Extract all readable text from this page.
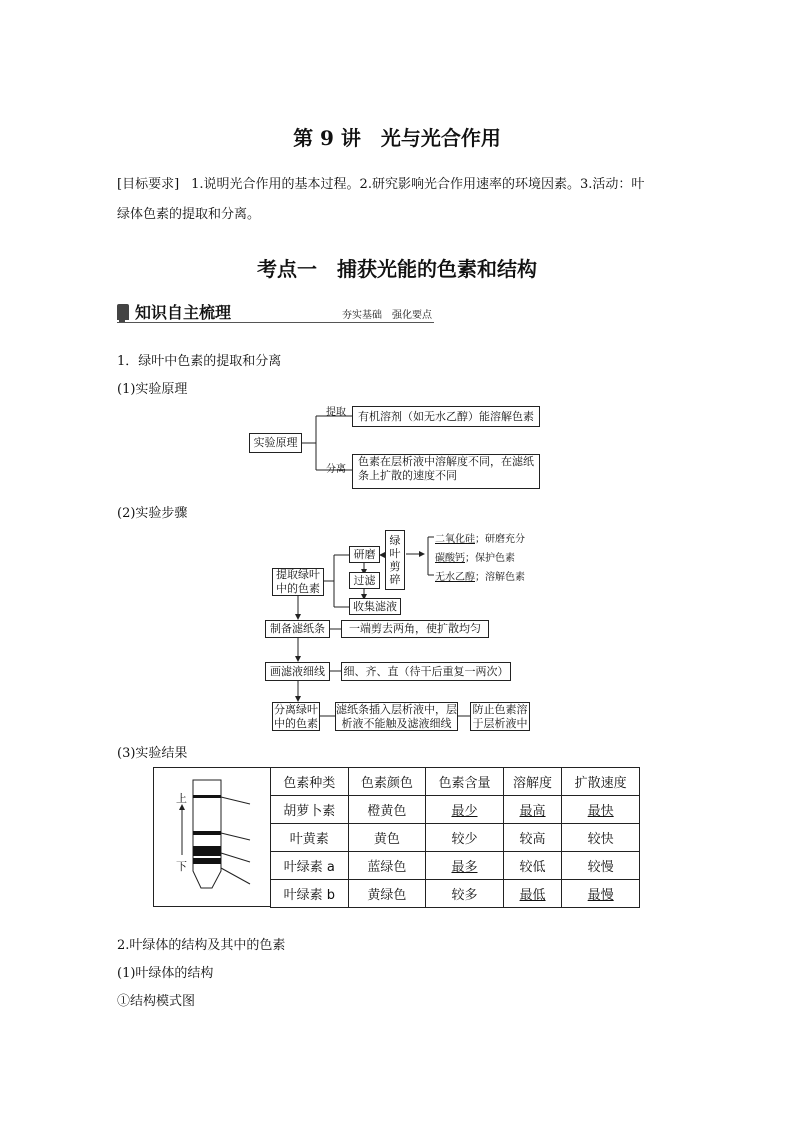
第 9 讲　光与光合作用
[目标要求] 1.说明光合作用的基本过程。2.研究影响光合作用速率的环境因素。3.活动：叶
绿体色素的提取和分离。
考点一　捕获光能的色素和结构
知识自主梳理	夯实基础　强化要点
1．绿叶中色素的提取和分离
(1)实验原理
实验原理
提取	有机溶剂（如无水乙醇）能溶解色素
分离
色素在层析液中溶解度不同，在滤纸
条上扩散的速度不同
(2)实验步骤
提取绿叶
中的色素
研磨
过滤
收集滤液
绿叶剪碎
二氧化硅；研磨充分
碳酸钙；保护色素
无水乙醇；溶解色素
制备滤纸条	一端剪去两角，使扩散均匀
画滤液细线	细、齐、直（待干后重复一两次）
分离绿叶
中的色素
滤纸条插入层析液中，层
析液不能触及滤液细线
防止色素溶
于层析液中
(3)实验结果
上
下
色素种类	色素颜色	色素含量	溶解度	扩散速度
胡萝卜素	橙黄色	最少	最高	最快
叶黄素	黄色	较少	较高	较快
叶绿素 a	蓝绿色	最多	较低	较慢
叶绿素 b	黄绿色	较多	最低	最慢
2.叶绿体的结构及其中的色素
(1)叶绿体的结构
①结构模式图
